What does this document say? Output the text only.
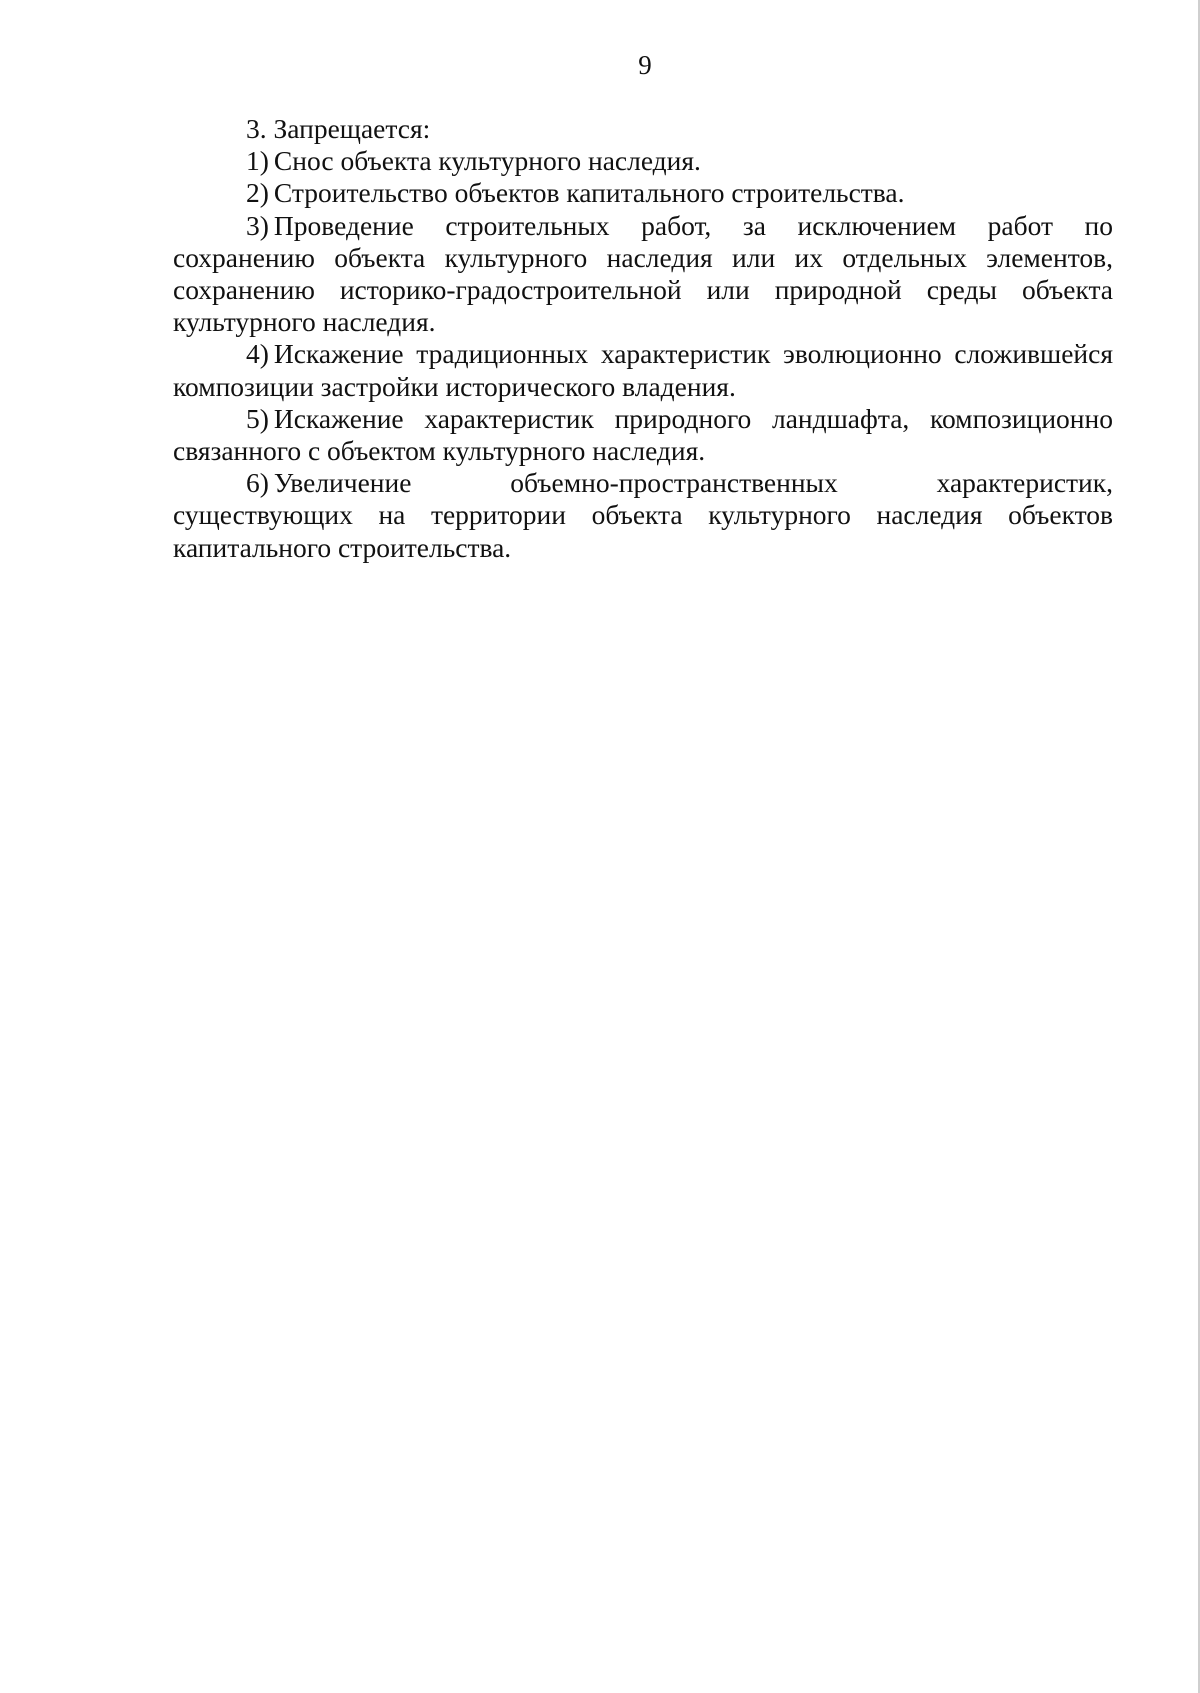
9

3. Запрещается:

1) Снос объекта культурного наследия.

2) Строительство объектов капитального строительства.

3) Проведение строительных работ, за исключением работ по сохранению объекта культурного наследия или их отдельных элементов, сохранению историко-градостроительной или природной среды объекта культурного наследия.

4) Искажение традиционных характеристик эволюционно сложившейся композиции застройки исторического владения.

5) Искажение характеристик природного ландшафта, композиционно связанного с объектом культурного наследия.

6) Увеличение объемно-пространственных характеристик, существующих на территории объекта культурного наследия объектов капитального строительства.
